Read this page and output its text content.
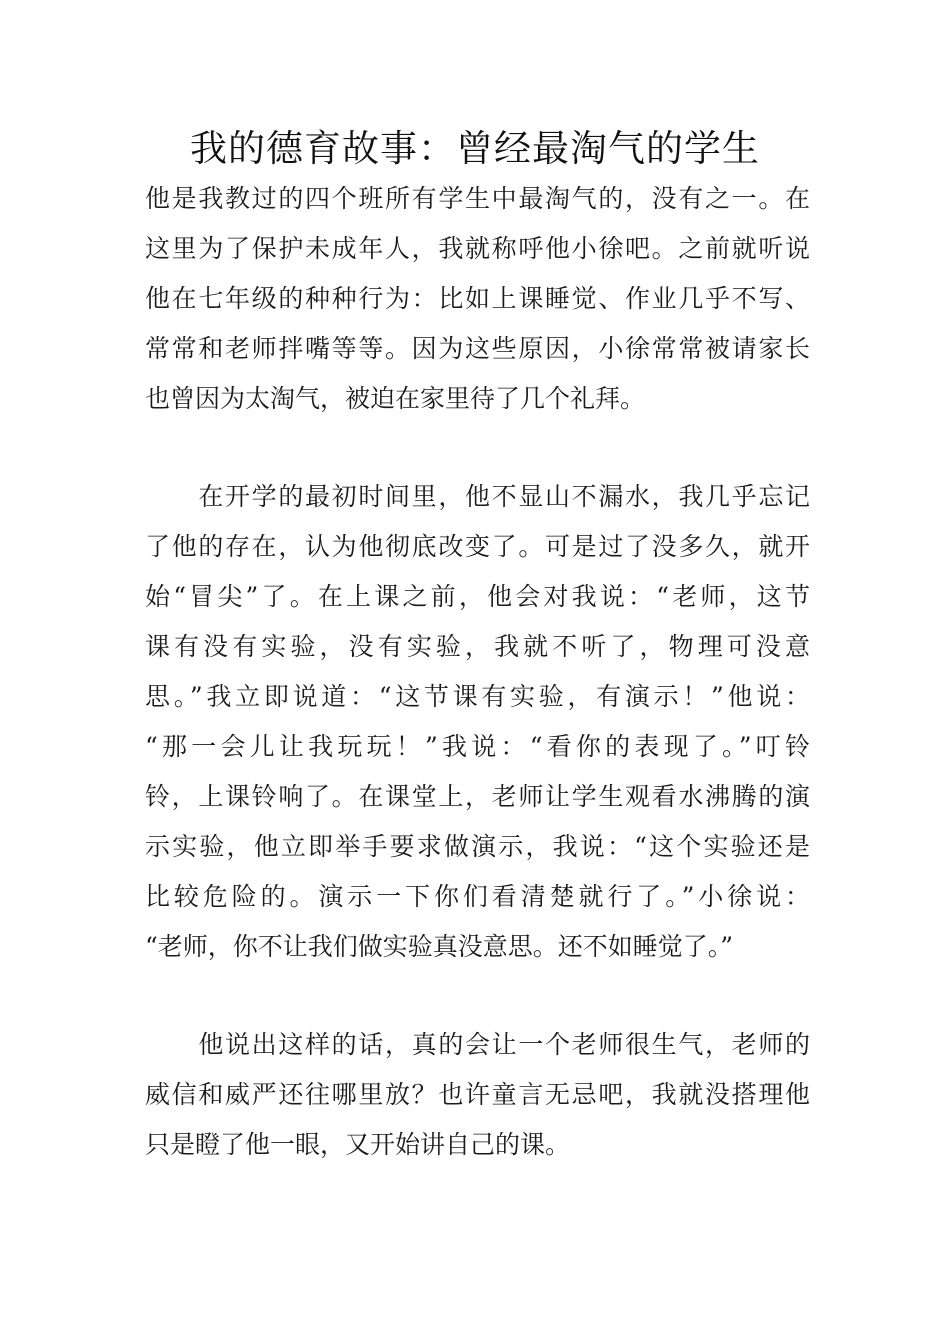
我的德育故事：曾经最淘气的学生
他是我教过的四个班所有学生中最淘气的，没有之一。在
这里为了保护未成年人，我就称呼他小徐吧。之前就听说
他在七年级的种种行为：比如上课睡觉、作业几乎不写、
常常和老师拌嘴等等。因为这些原因，小徐常常被请家长
也曾因为太淘气，被迫在家里待了几个礼拜。
　　在开学的最初时间里，他不显山不漏水，我几乎忘记
了他的存在，认为他彻底改变了。可是过了没多久，就开
始“冒尖”了。在上课之前，他会对我说：“老师，这节
课有没有实验，没有实验，我就不听了，物理可没意
思。”我立即说道：“这节课有实验，有演示！”他说：
“那一会儿让我玩玩！”我说：“看你的表现了。”叮铃
铃，上课铃响了。在课堂上，老师让学生观看水沸腾的演
示实验，他立即举手要求做演示，我说：“这个实验还是
比较危险的。演示一下你们看清楚就行了。”小徐说：
“老师，你不让我们做实验真没意思。还不如睡觉了。”
　　他说出这样的话，真的会让一个老师很生气，老师的
威信和威严还往哪里放？也许童言无忌吧，我就没搭理他
只是瞪了他一眼，又开始讲自己的课。
